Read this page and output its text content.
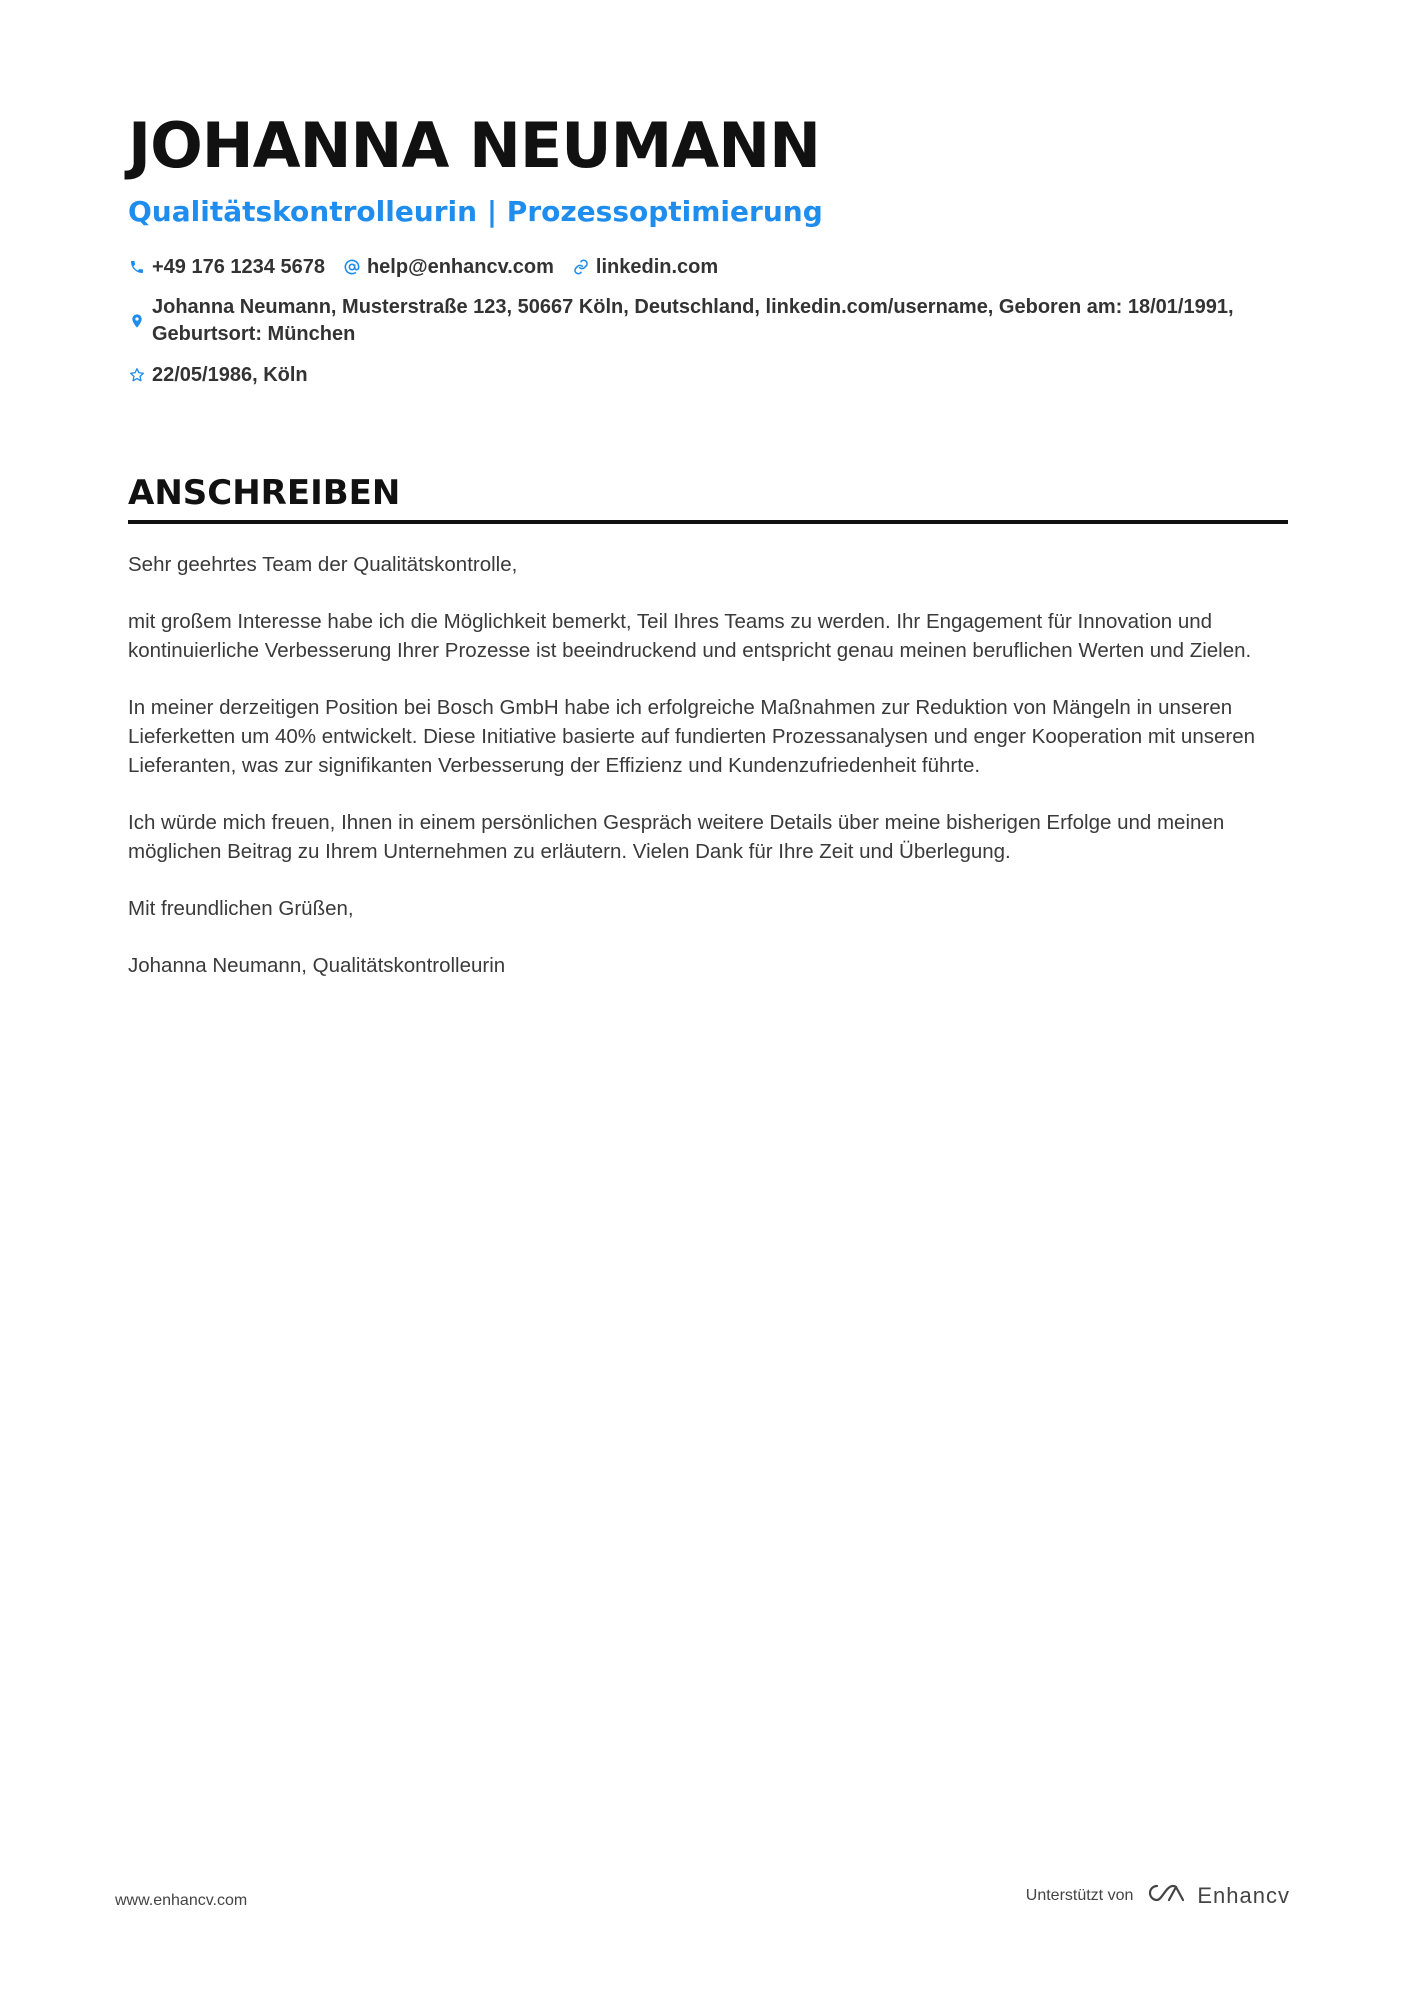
JOHANNA NEUMANN
Qualitätskontrolleurin | Prozessoptimierung
+49 176 1234 5678 help@enhancv.com linkedin.com
Johanna Neumann, Musterstraße 123, 50667 Köln, Deutschland, linkedin.com/username, Geboren am: 18/01/1991, Geburtsort: München
22/05/1986, Köln
ANSCHREIBEN

Sehr geehrtes Team der Qualitätskontrolle,

mit großem Interesse habe ich die Möglichkeit bemerkt, Teil Ihres Teams zu werden. Ihr Engagement für Innovation und kontinuierliche Verbesserung Ihrer Prozesse ist beeindruckend und entspricht genau meinen beruflichen Werten und Zielen.

In meiner derzeitigen Position bei Bosch GmbH habe ich erfolgreiche Maßnahmen zur Reduktion von Mängeln in unseren Lieferketten um 40% entwickelt. Diese Initiative basierte auf fundierten Prozessanalysen und enger Kooperation mit unseren Lieferanten, was zur signifikanten Verbesserung der Effizienz und Kundenzufriedenheit führte.

Ich würde mich freuen, Ihnen in einem persönlichen Gespräch weitere Details über meine bisherigen Erfolge und meinen möglichen Beitrag zu Ihrem Unternehmen zu erläutern. Vielen Dank für Ihre Zeit und Überlegung.

Mit freundlichen Grüßen,

Johanna Neumann, Qualitätskontrolleurin

www.enhancv.com	Unterstützt von	Enhancv
